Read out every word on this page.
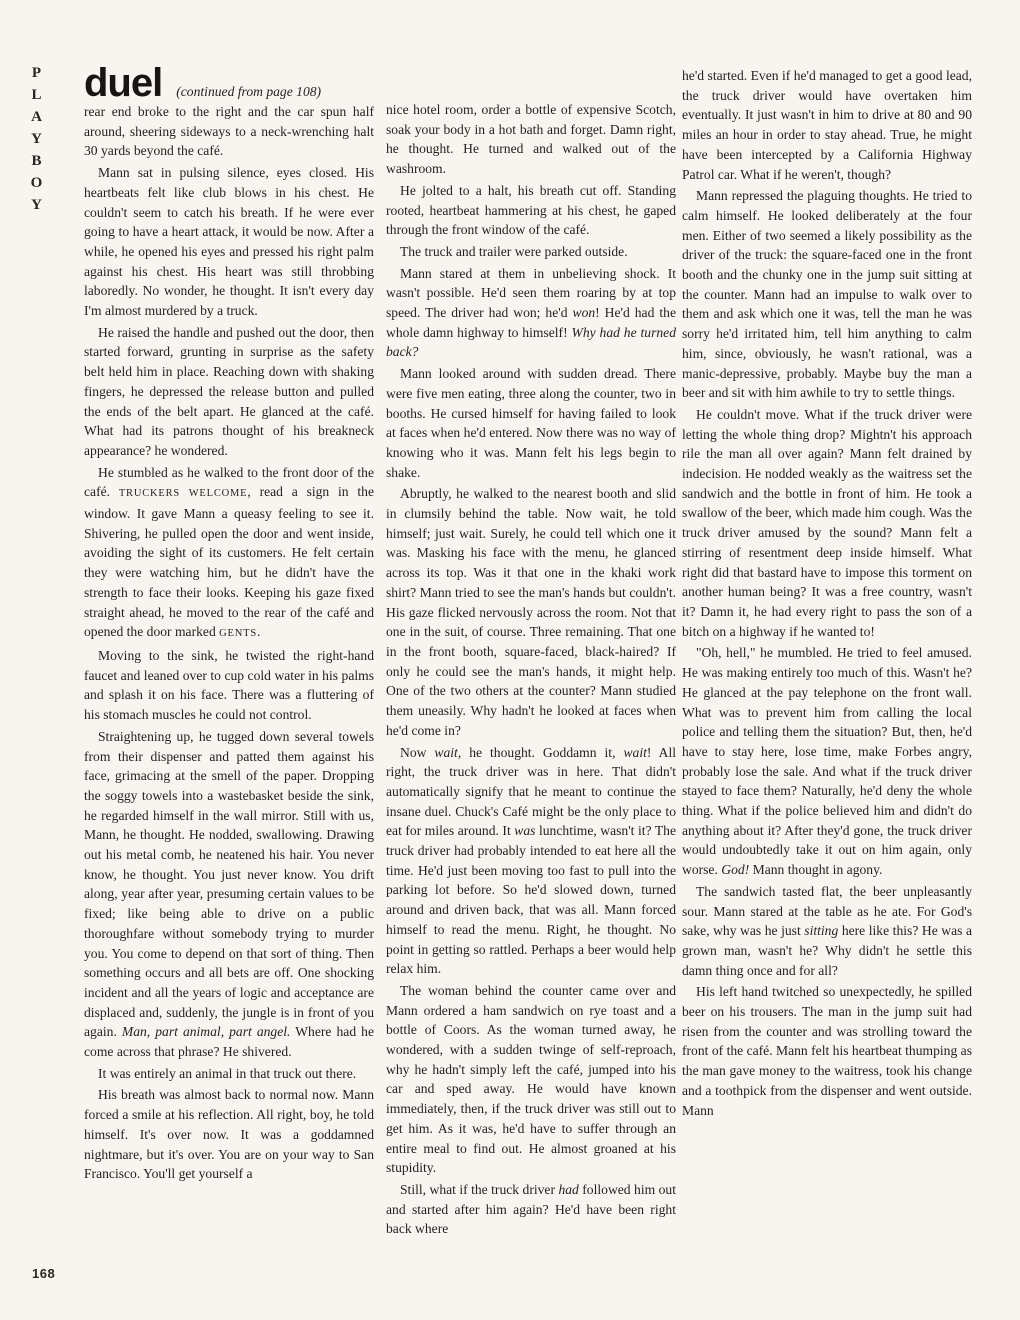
P
L
A
Y
B
O
Y
168
duel (continued from page 108)

rear end broke to the right and the car spun half around, sheering sideways to a neck-wrenching halt 30 yards beyond the café.

Mann sat in pulsing silence, eyes closed. His heartbeats felt like club blows in his chest. He couldn't seem to catch his breath. If he were ever going to have a heart attack, it would be now. After a while, he opened his eyes and pressed his right palm against his chest. His heart was still throbbing laboredly. No wonder, he thought. It isn't every day I'm almost murdered by a truck.

He raised the handle and pushed out the door, then started forward, grunting in surprise as the safety belt held him in place. Reaching down with shaking fingers, he depressed the release button and pulled the ends of the belt apart. He glanced at the café. What had its patrons thought of his breakneck appearance? he wondered.

He stumbled as he walked to the front door of the café. TRUCKERS WELCOME, read a sign in the window. It gave Mann a queasy feeling to see it. Shivering, he pulled open the door and went inside, avoiding the sight of its customers. He felt certain they were watching him, but he didn't have the strength to face their looks. Keeping his gaze fixed straight ahead, he moved to the rear of the café and opened the door marked GENTS.

Moving to the sink, he twisted the right-hand faucet and leaned over to cup cold water in his palms and splash it on his face. There was a fluttering of his stomach muscles he could not control.

Straightening up, he tugged down several towels from their dispenser and patted them against his face, grimacing at the smell of the paper. Dropping the soggy towels into a wastebasket beside the sink, he regarded himself in the wall mirror. Still with us, Mann, he thought. He nodded, swallowing. Drawing out his metal comb, he neatened his hair. You never know, he thought. You just never know. You drift along, year after year, presuming certain values to be fixed; like being able to drive on a public thoroughfare without somebody trying to murder you. You come to depend on that sort of thing. Then something occurs and all bets are off. One shocking incident and all the years of logic and acceptance are displaced and, suddenly, the jungle is in front of you again. Man, part animal, part angel. Where had he come across that phrase? He shivered.

It was entirely an animal in that truck out there.

His breath was almost back to normal now. Mann forced a smile at his reflection. All right, boy, he told himself. It's over now. It was a goddamned nightmare, but it's over. You are on your way to San Francisco. You'll get yourself a

nice hotel room, order a bottle of expensive Scotch, soak your body in a hot bath and forget. Damn right, he thought. He turned and walked out of the washroom.

He jolted to a halt, his breath cut off. Standing rooted, heartbeat hammering at his chest, he gaped through the front window of the café.

The truck and trailer were parked outside.

Mann stared at them in unbelieving shock. It wasn't possible. He'd seen them roaring by at top speed. The driver had won; he'd won! He'd had the whole damn highway to himself! Why had he turned back?

Mann looked around with sudden dread. There were five men eating, three along the counter, two in booths. He cursed himself for having failed to look at faces when he'd entered. Now there was no way of knowing who it was. Mann felt his legs begin to shake.

Abruptly, he walked to the nearest booth and slid in clumsily behind the table. Now wait, he told himself; just wait. Surely, he could tell which one it was. Masking his face with the menu, he glanced across its top. Was it that one in the khaki work shirt? Mann tried to see the man's hands but couldn't. His gaze flicked nervously across the room. Not that one in the suit, of course. Three remaining. That one in the front booth, square-faced, black-haired? If only he could see the man's hands, it might help. One of the two others at the counter? Mann studied them uneasily. Why hadn't he looked at faces when he'd come in?

Now wait, he thought. Goddamn it, wait! All right, the truck driver was in here. That didn't automatically signify that he meant to continue the insane duel. Chuck's Café might be the only place to eat for miles around. It was lunchtime, wasn't it? The truck driver had probably intended to eat here all the time. He'd just been moving too fast to pull into the parking lot before. So he'd slowed down, turned around and driven back, that was all. Mann forced himself to read the menu. Right, he thought. No point in getting so rattled. Perhaps a beer would help relax him.

The woman behind the counter came over and Mann ordered a ham sandwich on rye toast and a bottle of Coors. As the woman turned away, he wondered, with a sudden twinge of self-reproach, why he hadn't simply left the café, jumped into his car and sped away. He would have known immediately, then, if the truck driver was still out to get him. As it was, he'd have to suffer through an entire meal to find out. He almost groaned at his stupidity.

Still, what if the truck driver had followed him out and started after him again? He'd have been right back where

he'd started. Even if he'd managed to get a good lead, the truck driver would have overtaken him eventually. It just wasn't in him to drive at 80 and 90 miles an hour in order to stay ahead. True, he might have been intercepted by a California Highway Patrol car. What if he weren't, though?

Mann repressed the plaguing thoughts. He tried to calm himself. He looked deliberately at the four men. Either of two seemed a likely possibility as the driver of the truck: the square-faced one in the front booth and the chunky one in the jump suit sitting at the counter. Mann had an impulse to walk over to them and ask which one it was, tell the man he was sorry he'd irritated him, tell him anything to calm him, since, obviously, he wasn't rational, was a manic-depressive, probably. Maybe buy the man a beer and sit with him awhile to try to settle things.

He couldn't move. What if the truck driver were letting the whole thing drop? Mightn't his approach rile the man all over again? Mann felt drained by indecision. He nodded weakly as the waitress set the sandwich and the bottle in front of him. He took a swallow of the beer, which made him cough. Was the truck driver amused by the sound? Mann felt a stirring of resentment deep inside himself. What right did that bastard have to impose this torment on another human being? It was a free country, wasn't it? Damn it, he had every right to pass the son of a bitch on a highway if he wanted to!

"Oh, hell," he mumbled. He tried to feel amused. He was making entirely too much of this. Wasn't he? He glanced at the pay telephone on the front wall. What was to prevent him from calling the local police and telling them the situation? But, then, he'd have to stay here, lose time, make Forbes angry, probably lose the sale. And what if the truck driver stayed to face them? Naturally, he'd deny the whole thing. What if the police believed him and didn't do anything about it? After they'd gone, the truck driver would undoubtedly take it out on him again, only worse. God! Mann thought in agony.

The sandwich tasted flat, the beer unpleasantly sour. Mann stared at the table as he ate. For God's sake, why was he just sitting here like this? He was a grown man, wasn't he? Why didn't he settle this damn thing once and for all?

His left hand twitched so unexpectedly, he spilled beer on his trousers. The man in the jump suit had risen from the counter and was strolling toward the front of the café. Mann felt his heartbeat thumping as the man gave money to the waitress, took his change and a toothpick from the dispenser and went outside. Mann
